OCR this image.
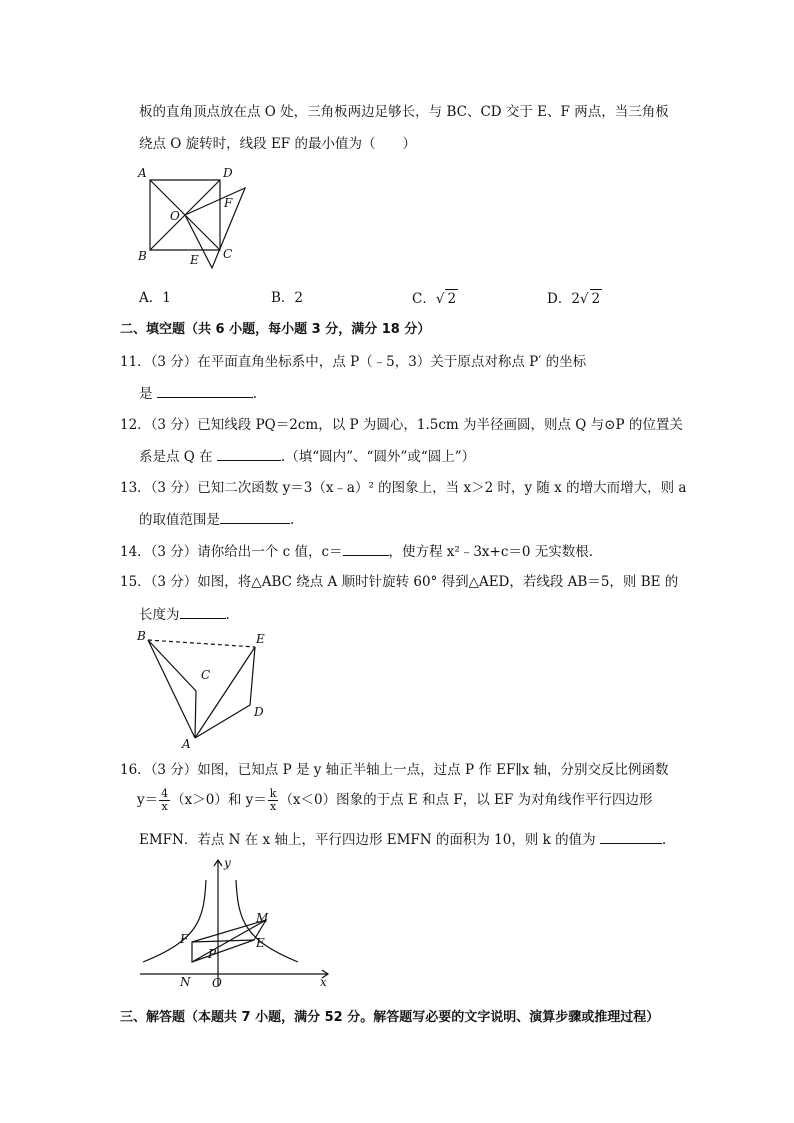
板的直角顶点放在点 O 处，三角板两边足够长，与 BC、CD 交于 E、F 两点，当三角板
绕点 O 旋转时，线段 EF 的最小值为（　　）
A	D
B	C
O
E
F
A．1	B．2	C．√ 2	D．2√ 2
二、填空题（共 6 小题，每小题 3 分，满分 18 分）
11．（3 分）在平面直角坐标系中，点 P（﹣5，3）关于原点对称点 P′ 的坐标
是	.
12．（3 分）已知线段 PQ＝2cm，以 P 为圆心，1.5cm 为半径画圆，则点 Q 与⊙P 的位置关
系是点 Q 在	.（填“圆内”、“圆外”或“圆上”）
13．（3 分）已知二次函数 y＝3（x﹣a）² 的图象上，当 x＞2 时，y 随 x 的增大而增大，则 a
的取值范围是	.
14．（3 分）请你给出一个 c 值，c＝	，使方程 x²﹣3x+c＝0 无实数根.
15．（3 分）如图，将△ABC 绕点 A 顺时针旋转 60° 得到△AED，若线段 AB＝5，则 BE 的
长度为	.
B	E
C
D
A
16．（3 分）如图，已知点 P 是 y 轴正半轴上一点，过点 P 作 EF∥x 轴，分别交反比例函数
$y= \frac{4}{x} (x>0)$和 $y= \frac{k}{x} (x<0)$图象的于点 E 和点 F，以 EF 为对角线作平行四边形
EMFN．若点 N 在 x 轴上，平行四边形 EMFN 的面积为 10，则 k 的值为	.
y
x
M
F	E
P
N O
三、解答题（本题共 7 小题，满分 52 分。解答题写必要的文字说明、演算步骤或推理过程）
